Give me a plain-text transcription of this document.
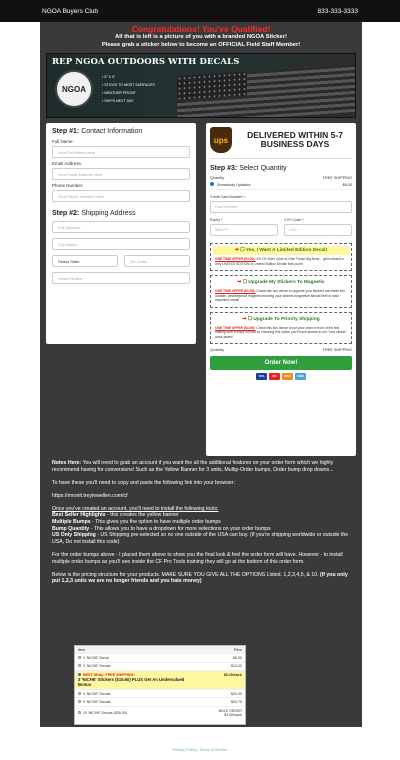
NGOA Buyers Club	833-333-3333
Congratulations! You've Qualified!
All that is left is a picture of you with a branded NGOA Sticker!
Please grab a sticker below to become an OFFICIAL Field Staff Member!
REP NGOA OUTDOORS WITH DECALS
NGOA
• 3" X 4"
• STICKS TO MOST SURFACES
• WEATHER PROOF
• SHIPS NEXT DAY
Step #1: Contact Information
Full Name:
Your Full Name Here
Email Address:
Your Email Address Here
Phone Number:
Your Phone Number Here
Step #2: Shipping Address
Full Address...
City Name...
Select State	Zip Code...
United States
ups	DELIVERED WITHIN 5-7 BUSINESS DAYS
Step #3: Select Quantity
Quantity	FREE SHIPPING
Somebody Updates	$6.00
Credit Card Number *:
Card number
Expiry *:
MM/YY
CVV Code *:
CVV
➡ ☐ Yes, I Want A Limited Edition Decal!
ONE TIME OFFER ($4.00): 4% Of Order Goes to Give Those Big Bone... get included a very LIMITED EDITION or Limited Edition Decals that you're
➡ ☐ Upgrade My Stickers To Magnetic
ONE TIME OFFER ($3.00): Check this box above to upgrade your stickers are made into durable, weatherproof magnets meaning your stickers magnetize almost fleet or stick anywhere metal!
➡ ☐ Upgrade To Priority Shipping
ONE TIME OFFER ($3.00): Check this box above to put your order in front of the line making sure it ships out first so checking this option you'll have access to our "new sticker" stock faster!
Quantity	FREE SHIPPING
Order Now!
VISA	MC	DISC	AMEX

Notes Here: You will need to grab an account if you want the all the additional features on your order form which we highly recommend having for conversions! Such as the Yellow Banner for 3 units, Multip-Order bumps, Order bump drop downs...

To have these you'll need to copy and paste the following link into your browser:

https://mronit.treylewellen.com/cf

Once you've created an account, you'll need to install the following tools:
Best Seller Highlights - this creates the yellow banner
Multiple Bumps - This gives you the option to have multiple order bumps
Bump Quantity - This allows you to have a dropdown for more selections on your order bumps
US Only Shipping - US Shipping pre-selected so no one outside of the USA can buy. (If you're shipping worldwide or outside the USA, Do not install this code)

For the order bumps above - I placed them above to show you the final look & feel the order form will have. However - to install multiple order bumps as you'll see inside the CF Pro Tools training they will go at the bottom of this order form.

Below is the pricing structure for your products. MAKE SURE YOU GIVE ALL THE OPTIONS Listed. 1,2,3,4,5, & 10. (If you only put 1,2,3 units we are no longer friends and you hate money)

Item	Price
1 'NICHE' Decal	$6.00
2 'NICHE' Decals	$10.00
BEST DEAL! FREE SHIPPING!
3 'NICHE' Stickers ($15.60) PLUS Get An Undervalued Bonus	$5.20/each
4 'NICHE' Decals	$20.00
5 'NICHE' Decals	$24.75
10 'NICHE' Decals ($35.00)	BULK ORDER $3.50/each
Privacy Policy | Terms of Service
